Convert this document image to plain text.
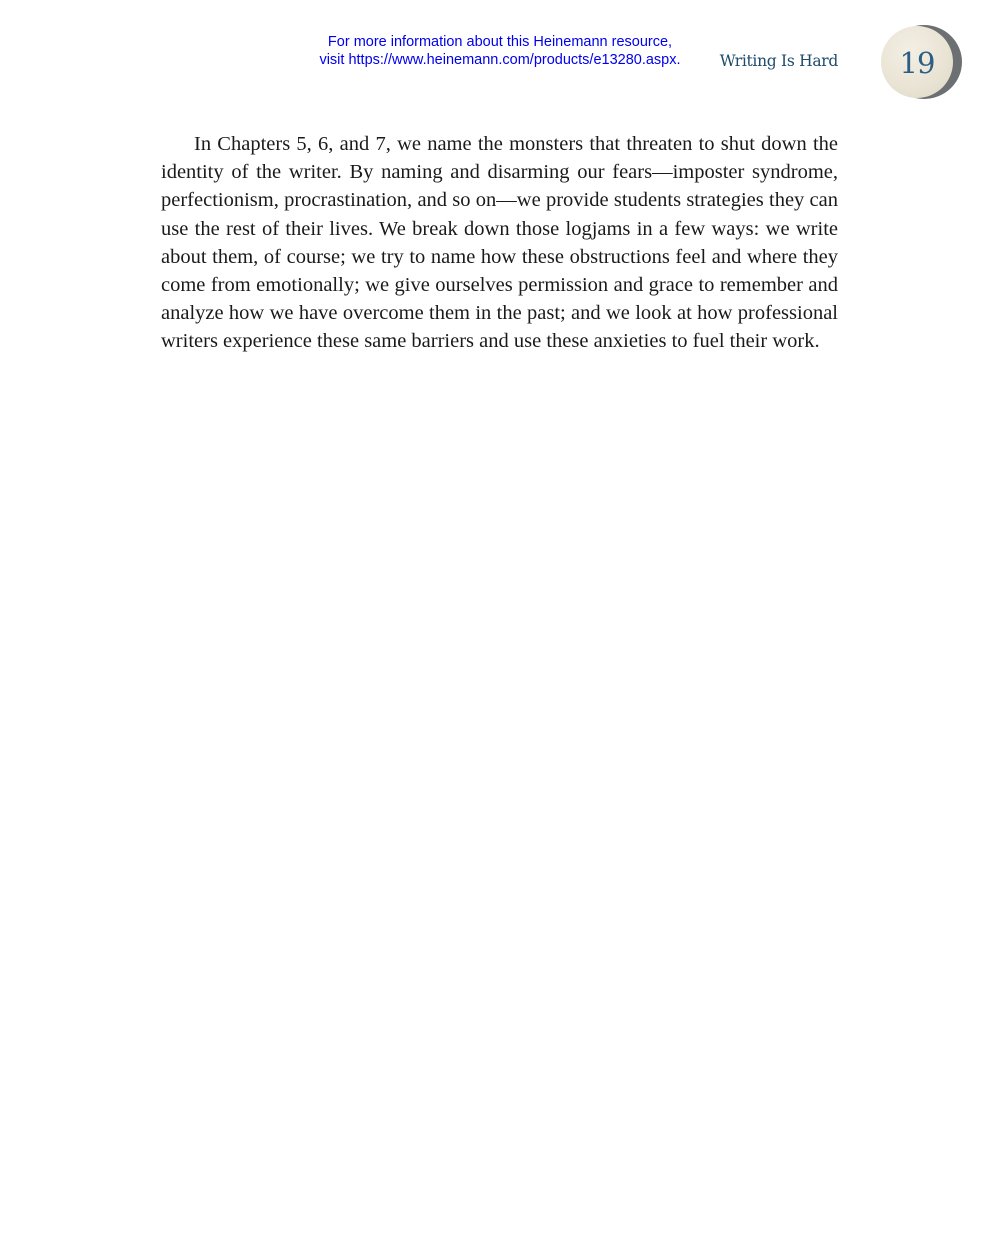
For more information about this Heinemann resource,
visit https://www.heinemann.com/products/e13280.aspx.	Writing Is Hard	19

In Chapters 5, 6, and 7, we name the monsters that threaten to shut down the identity of the writer. By naming and disarming our fears—imposter syndrome, perfectionism, procrastination, and so on—we provide students strategies they can use the rest of their lives. We break down those logjams in a few ways: we write about them, of course; we try to name how these obstructions feel and where they come from emotionally; we give ourselves permission and grace to remember and analyze how we have overcome them in the past; and we look at how professional writers experience these same barriers and use these anxieties to fuel their work.
